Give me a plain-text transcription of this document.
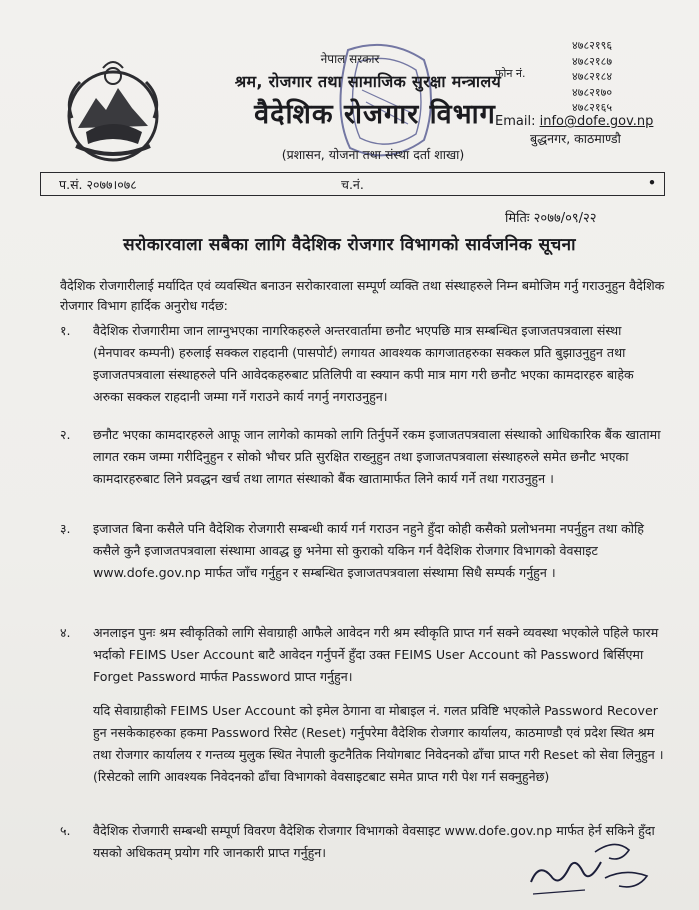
नेपाल सरकार
श्रम, रोजगार तथा सामाजिक सुरक्षा मन्त्रालय
वैदेशिक रोजगार विभाग
(प्रशासन, योजना तथा संस्था दर्ता शाखा)
फोन नं.
४७८२१९६
४७८२१८७
४७८२१८४
४७८२१७०
४७८२१६५
Email: info@dofe.gov.np
बुद्धनगर, काठमाण्डौ
प.सं. २०७७।०७८	च.नं.	•
मितिः २०७७/०९/२२
सरोकारवाला सबैका लागि वैदेशिक रोजगार विभागको सार्वजनिक सूचना
वैदेशिक रोजगारीलाई मर्यादित एवं व्यवस्थित बनाउन सरोकारवाला सम्पूर्ण व्यक्ति तथा संस्थाहरुले निम्न बमोजिम गर्नु गराउनुहुन वैदेशिक रोजगार विभाग हार्दिक अनुरोध गर्दछ:
१.	वैदेशिक रोजगारीमा जान लाग्नुभएका नागरिकहरुले अन्तरवार्तामा छनौट भएपछि मात्र सम्बन्धित इजाजतपत्रवाला संस्था (मेनपावर कम्पनी) हरुलाई सक्कल राहदानी (पासपोर्ट) लगायत आवश्यक कागजातहरुका सक्कल प्रति बुझाउनुहुन तथा इजाजतपत्रवाला संस्थाहरुले पनि आवेदकहरुबाट प्रतिलिपी वा स्क्यान कपी मात्र माग गरी छनौट भएका कामदारहरु बाहेक अरुका सक्कल राहदानी जम्मा गर्ने गराउने कार्य नगर्नु नगराउनुहुन।
२.	छनौट भएका कामदारहरुले आफू जान लागेको कामको लागि तिर्नुपर्ने रकम इजाजतपत्रवाला संस्थाको आधिकारिक बैंक खातामा लागत रकम जम्मा गरीदिनुहुन र सोको भौचर प्रति सुरक्षित राख्नुहुन तथा इजाजतपत्रवाला संस्थाहरुले समेत छनौट भएका कामदारहरुबाट लिने प्रवद्धन खर्च तथा लागत संस्थाको बैंक खातामार्फत लिने कार्य गर्ने तथा गराउनुहुन ।
३.	इजाजत बिना कसैले पनि वैदेशिक रोजगारी सम्बन्धी कार्य गर्न गराउन नहुने हुँदा कोही कसैको प्रलोभनमा नपर्नुहुन तथा कोहि कसैले कुनै इजाजतपत्रवाला संस्थामा आवद्ध छु भनेमा सो कुराको यकिन गर्न वैदेशिक रोजगार विभागको वेवसाइट www.dofe.gov.np मार्फत जाँच गर्नुहुन र सम्बन्धित इजाजतपत्रवाला संस्थामा सिधै सम्पर्क गर्नुहुन ।
४.	अनलाइन पुनः श्रम स्वीकृतिको लागि सेवाग्राही आफैले आवेदन गरी श्रम स्वीकृति प्राप्त गर्न सक्ने व्यवस्था भएकोले पहिले फारम भर्दाको FEIMS User Account बाटै आवेदन गर्नुपर्ने हुँदा उक्त FEIMS User Account को Password बिर्सिएमा Forget Password मार्फत Password प्राप्त गर्नुहुन।
यदि सेवाग्राहीको FEIMS User Account को इमेल ठेगाना वा मोबाइल नं. गलत प्रविष्टि भएकोले Password Recover हुन नसकेकाहरुका हकमा Password रिसेट (Reset) गर्नुपरेमा वैदेशिक रोजगार कार्यालय, काठमाण्डौ एवं प्रदेश स्थित श्रम तथा रोजगार कार्यालय र गन्तव्य मुलुक स्थित नेपाली कुटनैतिक नियोगबाट निवेदनको ढाँचा प्राप्त गरी Reset को सेवा लिनुहुन । (रिसेटको लागि आवश्यक निवेदनको ढाँचा विभागको वेवसाइटबाट समेत प्राप्त गरी पेश गर्न सक्नुहुनेछ)
५.	वैदेशिक रोजगारी सम्बन्धी सम्पूर्ण विवरण वैदेशिक रोजगार विभागको वेवसाइट www.dofe.gov.np मार्फत हेर्न सकिने हुँदा यसको अधिकतम् प्रयोग गरि जानकारी प्राप्त गर्नुहुन।
